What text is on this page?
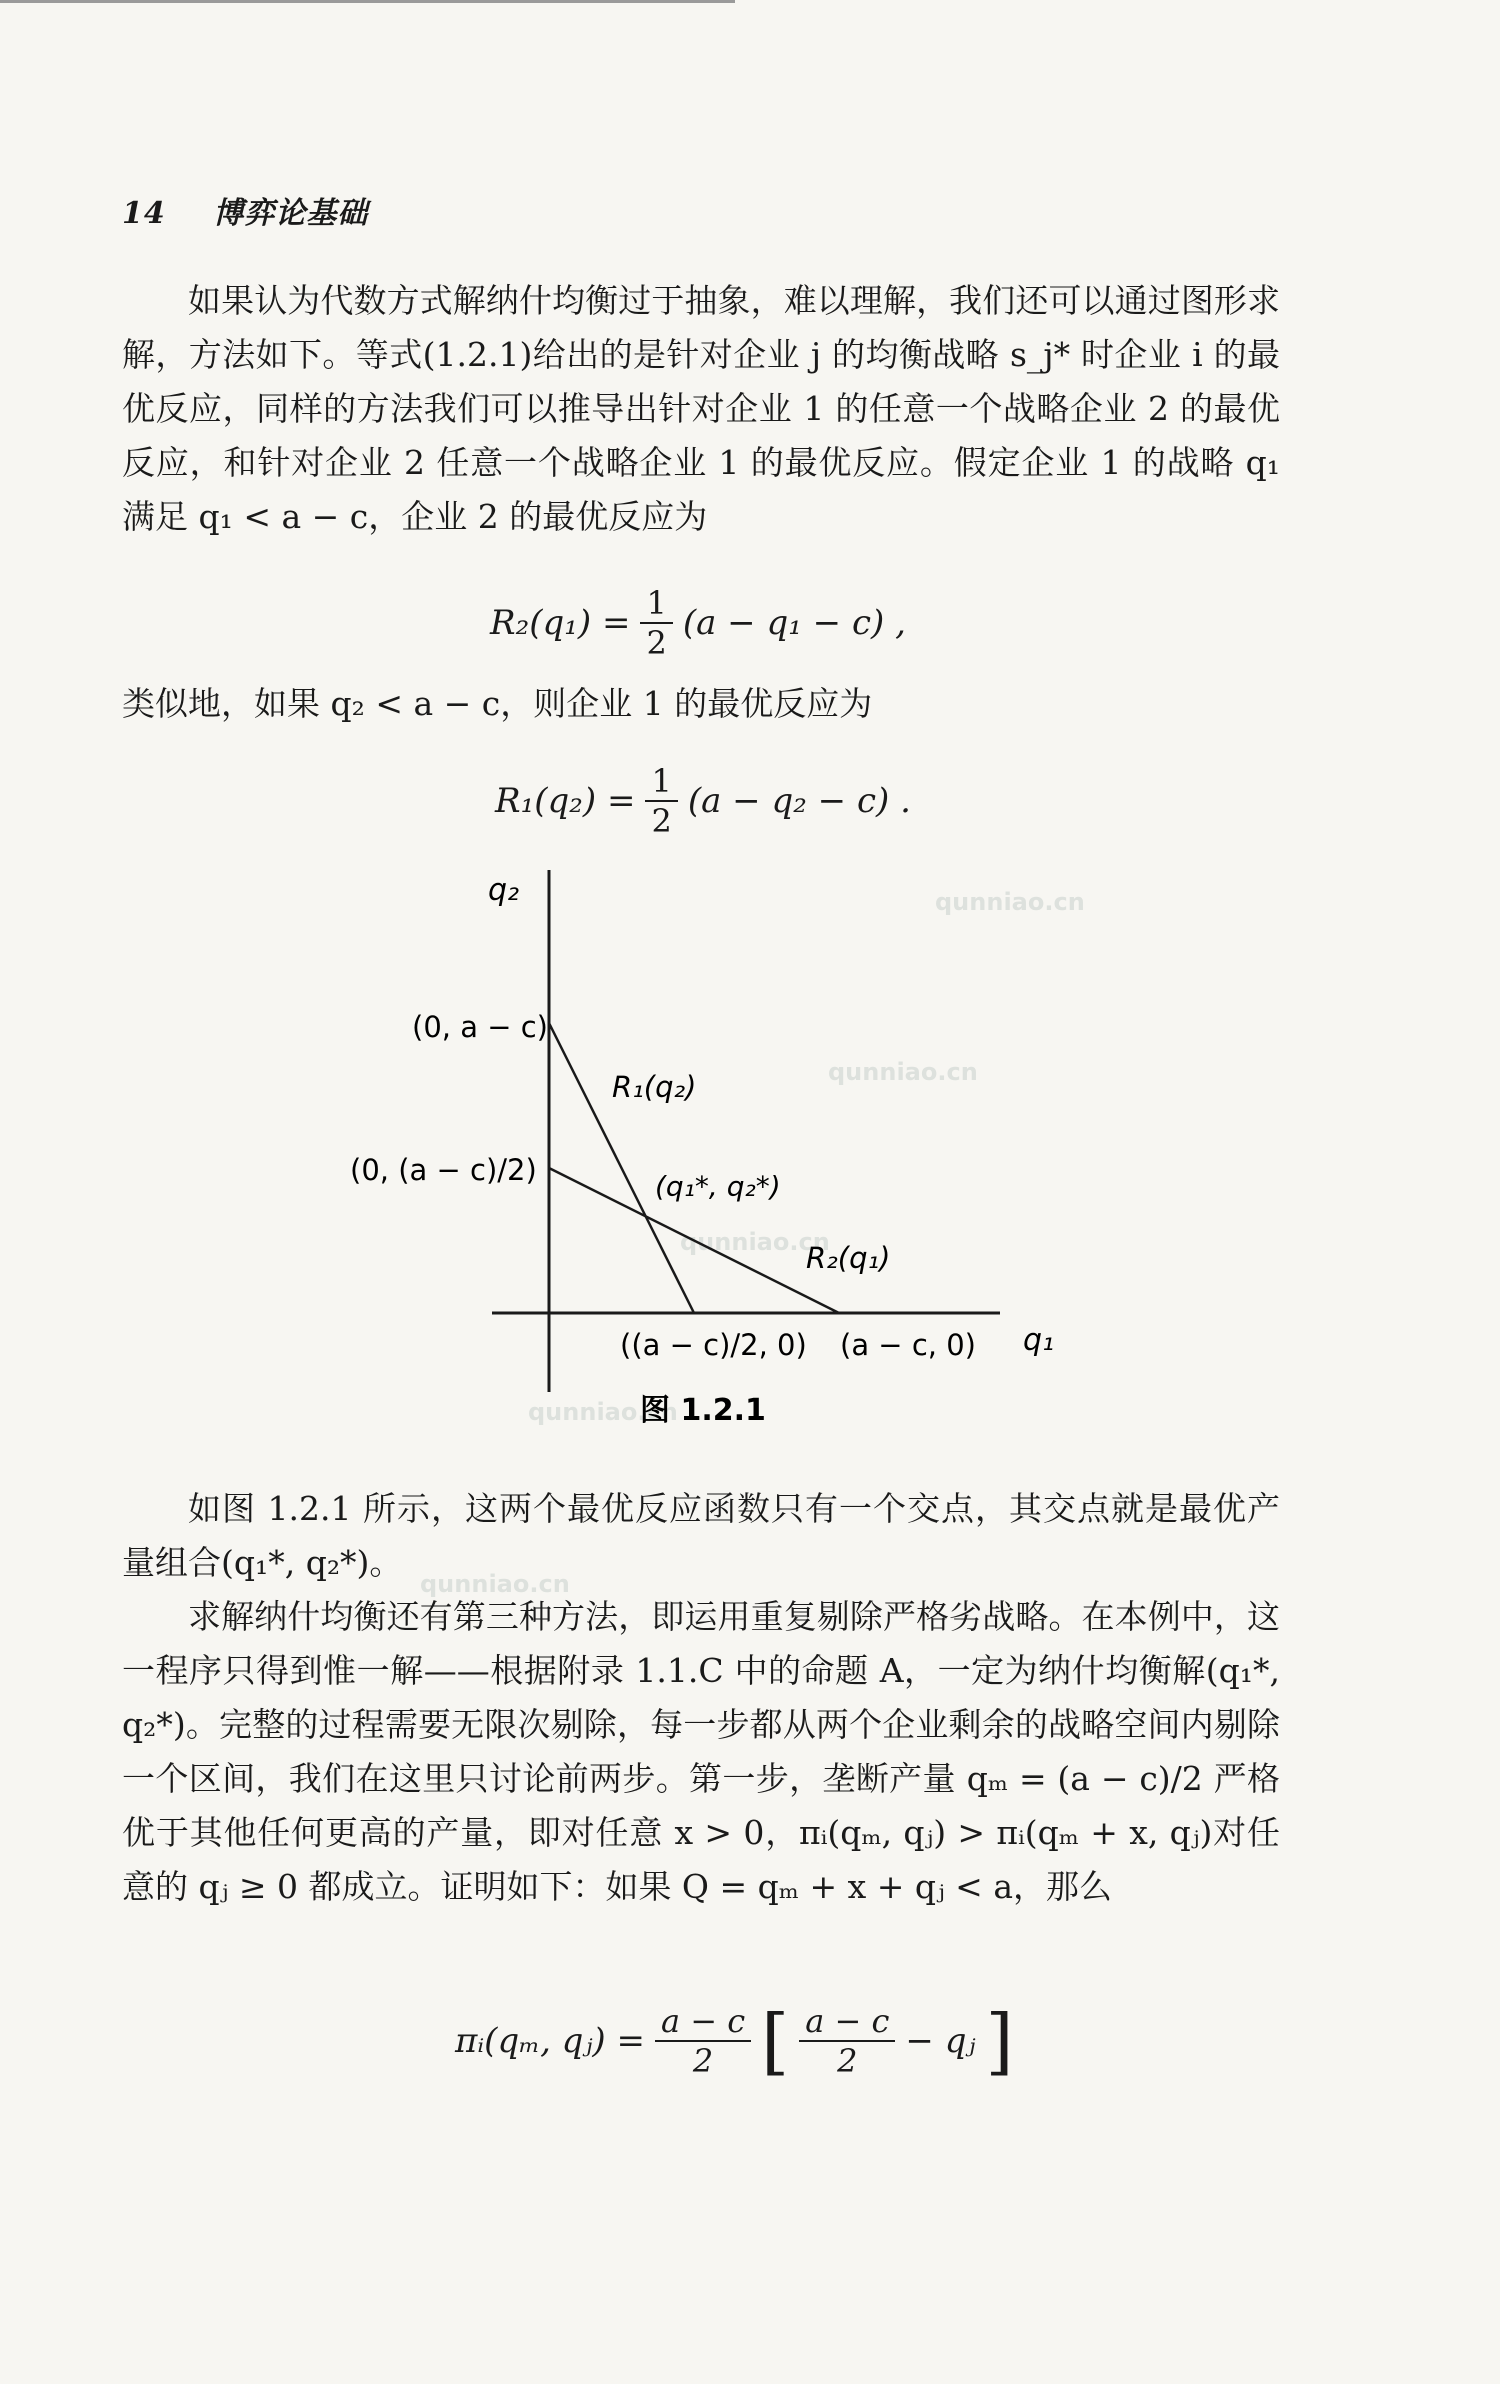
14 博弈论基础
如果认为代数方式解纳什均衡过于抽象，难以理解，我们还可以通过图形求解，方法如下。等式(1.2.1)给出的是针对企业 j 的均衡战略 s_j* 时企业 i 的最优反应，同样的方法我们可以推导出针对企业 1 的任意一个战略企业 2 的最优反应，和针对企业 2 任意一个战略企业 1 的最优反应。假定企业 1 的战略 q₁ 满足 q₁ < a − c，企业 2 的最优反应为
$R_2(q_1) = \frac{1}{2} (a - q_1 - c)$ ,
类似地，如果 q₂ < a − c，则企业 1 的最优反应为
$R_1(q_2) = \frac{1}{2} (a - q_2 - c)$ .
qunniao.cn
qunniao.cn
qunniao.cn
qunniao.cn
qunniao.cn
q₂
q₁
(0, a − c)
(0, (a − c)/2)
((a − c)/2, 0) (a − c, 0)
R₁(q₂)
R₂(q₁)
(q₁*, q₂*)
图 1.2.1
如图 1.2.1 所示，这两个最优反应函数只有一个交点，其交点就是最优产量组合(q₁*, q₂*)。
求解纳什均衡还有第三种方法，即运用重复剔除严格劣战略。在本例中，这一程序只得到惟一解——根据附录 1.1.C 中的命题 A，一定为纳什均衡解(q₁*, q₂*)。完整的过程需要无限次剔除，每一步都从两个企业剩余的战略空间内剔除一个区间，我们在这里只讨论前两步。第一步，垄断产量 qₘ = (a − c)/2 严格优于其他任何更高的产量，即对任意 x > 0，πᵢ(qₘ, qⱼ) > πᵢ(qₘ + x, qⱼ)对任意的 qⱼ ≥ 0 都成立。证明如下：如果 Q = qₘ + x + qⱼ < a，那么
πᵢ(qₘ, qⱼ) = $\frac{a - c}{2}$ [ $\frac{a - c}{2}$ − qⱼ ]
